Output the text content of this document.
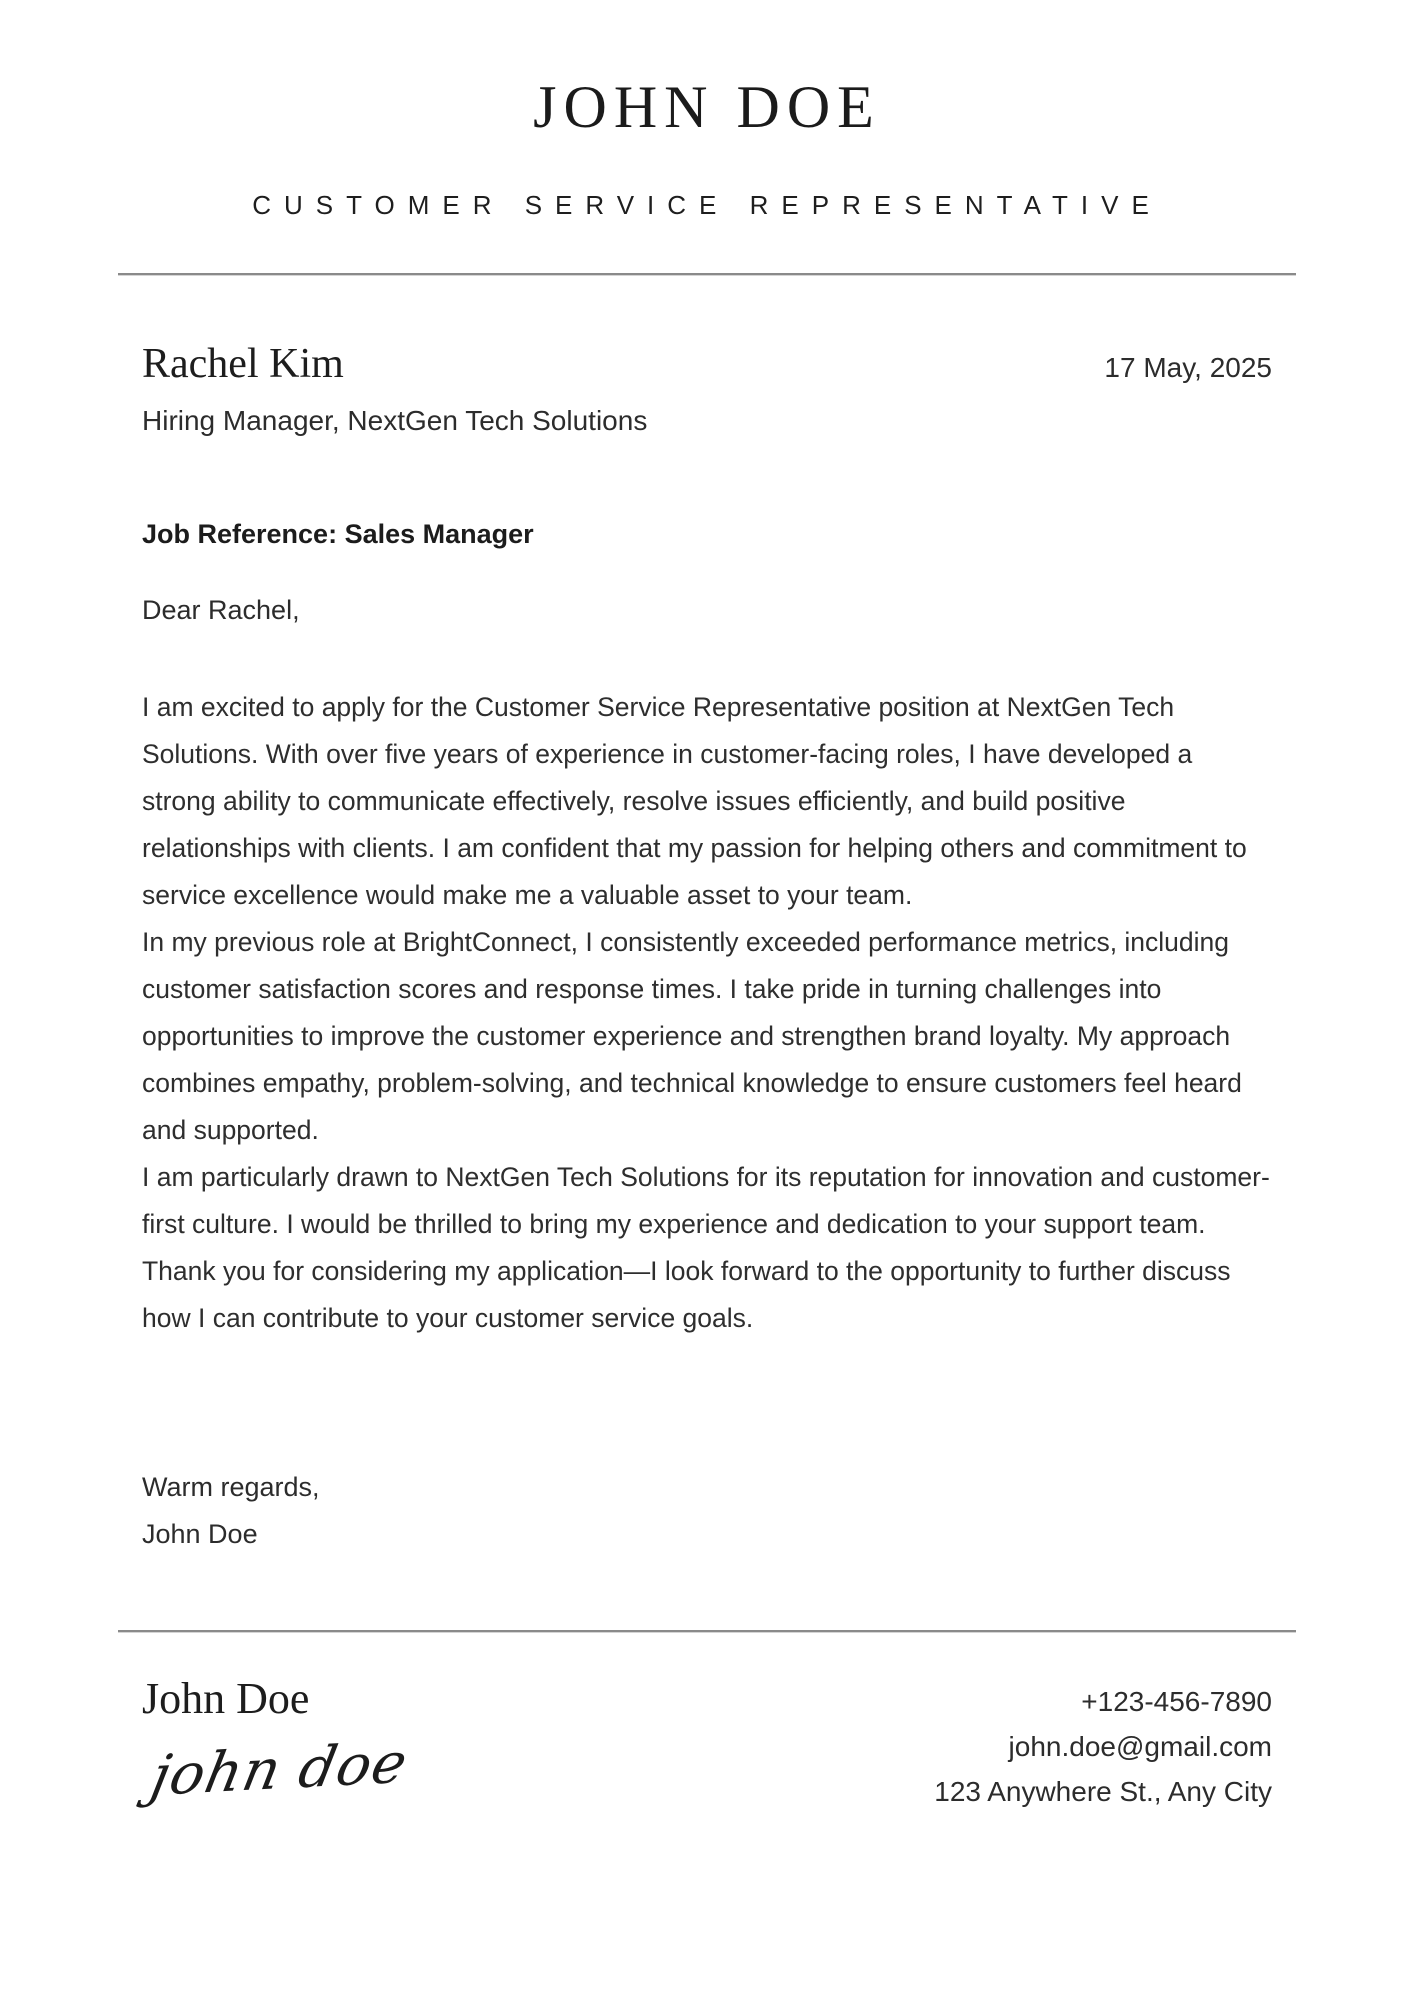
JOHN DOE
CUSTOMER SERVICE REPRESENTATIVE
Rachel Kim	17 May, 2025
Hiring Manager, NextGen Tech Solutions

Job Reference: Sales Manager

Dear Rachel,

I am excited to apply for the Customer Service Representative position at NextGen Tech Solutions. With over five years of experience in customer-facing roles, I have developed a strong ability to communicate effectively, resolve issues efficiently, and build positive relationships with clients. I am confident that my passion for helping others and commitment to service excellence would make me a valuable asset to your team.

In my previous role at BrightConnect, I consistently exceeded performance metrics, including customer satisfaction scores and response times. I take pride in turning challenges into opportunities to improve the customer experience and strengthen brand loyalty. My approach combines empathy, problem-solving, and technical knowledge to ensure customers feel heard and supported.

I am particularly drawn to NextGen Tech Solutions for its reputation for innovation and customer-first culture. I would be thrilled to bring my experience and dedication to your support team. Thank you for considering my application—I look forward to the opportunity to further discuss how I can contribute to your customer service goals.

Warm regards,

John Doe

John Doe
john doe
+123-456-7890
john.doe@gmail.com
123 Anywhere St., Any City
